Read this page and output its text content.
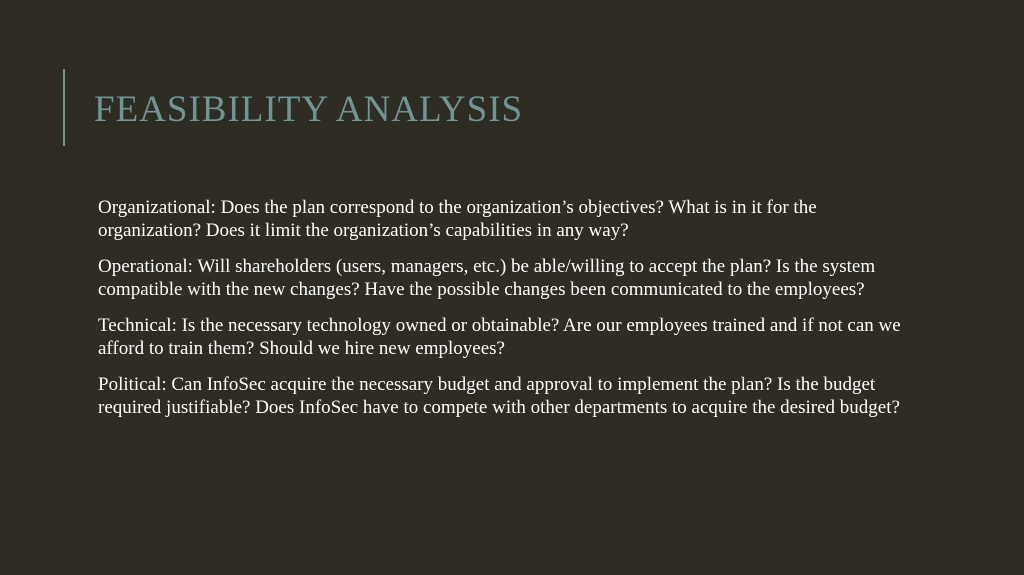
FEASIBILITY ANALYSIS

Organizational: Does the plan correspond to the organization’s objectives? What is in it for the organization? Does it limit the organization’s capabilities in any way?

Operational: Will shareholders (users, managers, etc.) be able/willing to accept the plan? Is the system compatible with the new changes? Have the possible changes been communicated to the employees?

Technical: Is the necessary technology owned or obtainable? Are our employees trained and if not can we afford to train them? Should we hire new employees?

Political: Can InfoSec acquire the necessary budget and approval to implement the plan? Is the budget required justifiable? Does InfoSec have to compete with other departments to acquire the desired budget?
